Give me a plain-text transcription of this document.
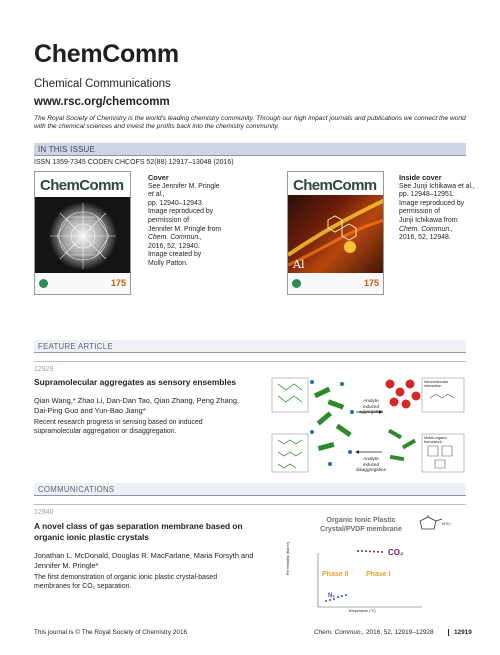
ChemComm
Chemical Communications
www.rsc.org/chemcomm
The Royal Society of Chemistry is the world's leading chemistry community. Through our high impact journals and publications we connect the world with the chemical sciences and invest the profits back into the chemistry community.
IN THIS ISSUE
ISSN 1359-7345 CODEN CHCOFS 52(88) 12917–13048 (2016)
ChemComm
175
Cover
See Jennifer M. Pringle
et al.,
pp. 12940–12943.
Image reproduced by
permission of
Jennifer M. Pringle from
Chem. Commun.,
2016, 52, 12940.
Image created by
Molly Patton.
ChemComm
Al
175
Inside cover
See Junji Ichikawa et al.,
pp. 12948–12951.
Image reproduced by
permission of
Junji Ichikawa from
Chem. Commun.,
2016, 52, 12948.
FEATURE ARTICLE
12929
Supramolecular aggregates as sensory ensembles
Qian Wang,* Zhao Li, Dan-Dan Tao, Qian Zhang, Peng Zhang, Dai-Ping Guo and Yun-Bao Jiang*
Recent research progress in sensing based on induced supramolecular aggregation or disaggregation.
Analyte induced
aggregation
Analyte induced
disaggregation
Intramolecular interaction
Metal-organic framework
COMMUNICATIONS
12940
A novel class of gas separation membrane based on organic ionic plastic crystals
Jonathan L. McDonald, Douglas R. MacFarlane, Maria Forsyth and Jennifer M. Pringle*
The first demonstration of organic ionic plastic crystal-based membranes for CO₂ separation.
Organic Ionic Plastic
Crystal/PVDF membrane
CO₂
N₂
Phase II	Phase I
Permeability (Barrer)
Temperature (°C)
NTf₂⁻
This journal is © The Royal Society of Chemistry 2016	Chem. Commun., 2016, 52, 12919–12928	12919
